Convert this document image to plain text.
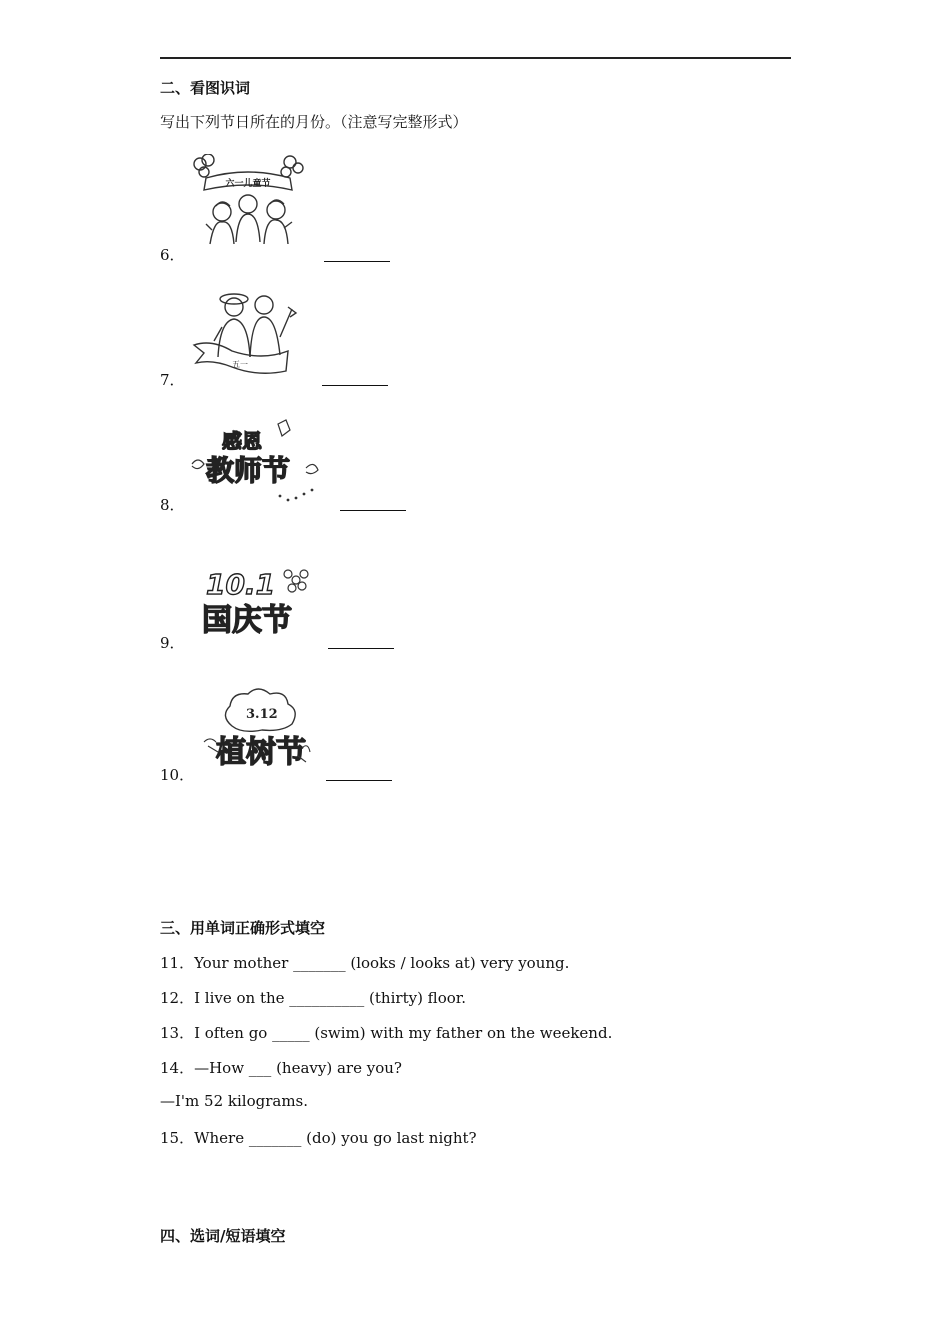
二、看图识词
写出下列节日所在的月份。（注意写完整形式）
六一儿童节
6．
五一
7．
感恩
教师节
8．
10.1
国庆节
9．
3.12
植树节
10．
三、用单词正确形式填空
11．Your mother _______ (looks / looks at) very young.
12．I live on the __________ (thirty) floor.
13．I often go _____ (swim) with my father on the weekend.
14．—How ___ (heavy) are you?
—I'm 52 kilograms.
15．Where _______ (do) you go last night?
四、选词/短语填空
